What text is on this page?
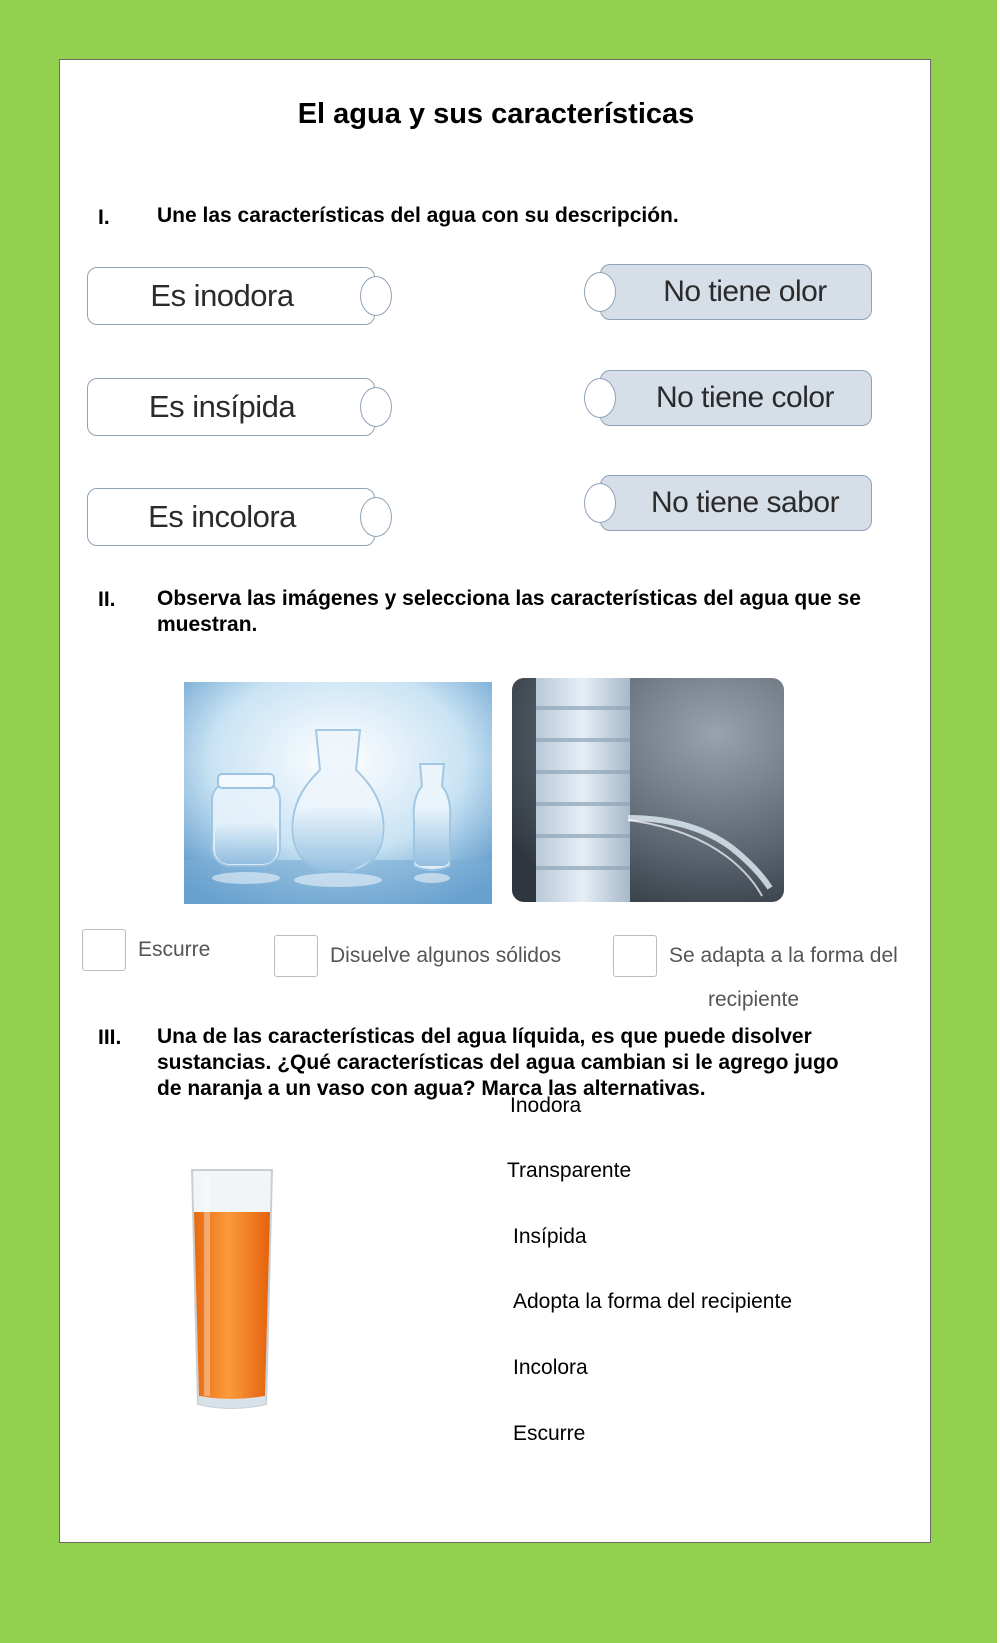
El agua y sus características
I. Une las características del agua con su descripción.
Es inodora
Es insípida
Es incolora
No tiene olor
No tiene color
No tiene sabor
II. Observa las imágenes y selecciona las características del agua que se
muestran.
Escurre	Disuelve algunos sólidos	Se adapta a la forma del
recipiente
III. Una de las características del agua líquida, es que puede disolver
sustancias. ¿Qué características del agua cambian si le agrego jugo
de naranja a un vaso con agua? Marca las alternativas.
Inodora
Transparente
Insípida
Adopta la forma del recipiente
Incolora
Escurre
